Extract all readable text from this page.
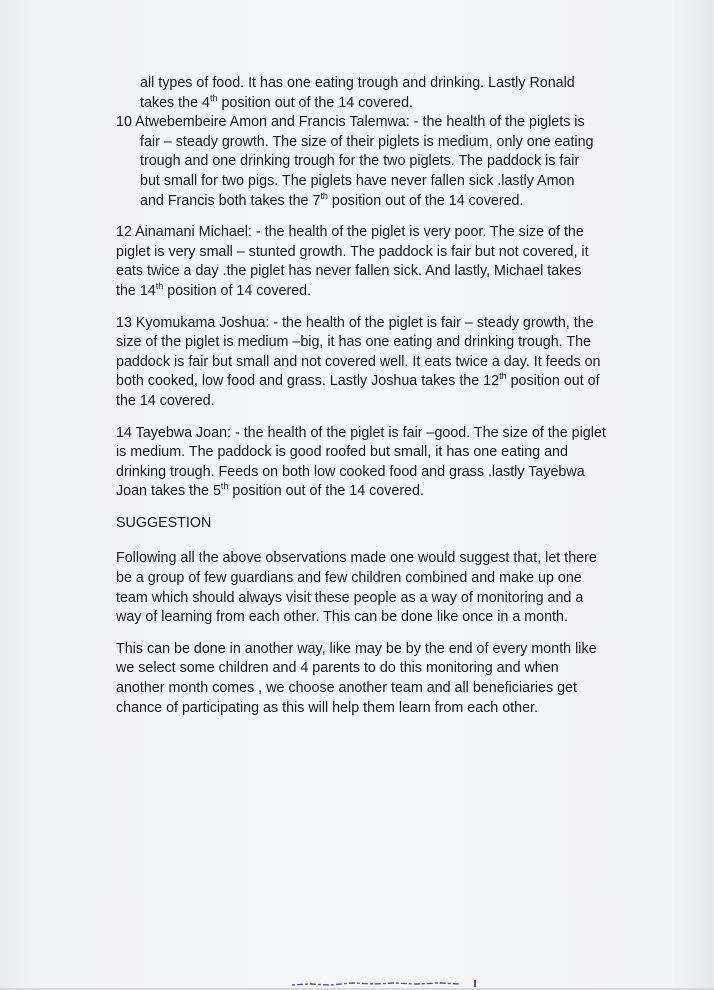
all types of food. It has one eating trough and drinking. Lastly Ronald

takes the 4th position out of the 14 covered.

10 Atwebembeire Amon and Francis Talemwa: - the health of the piglets is

fair – steady growth. The size of their piglets is medium, only one eating

trough and one drinking trough for the two piglets. The paddock is fair

but small for two pigs. The piglets have never fallen sick .lastly Amon

and Francis both takes the 7th position out of the 14 covered.

12 Ainamani Michael: - the health of the piglet is very poor. The size of the

piglet is very small – stunted growth. The paddock is fair but not covered, it

eats twice a day .the piglet has never fallen sick. And lastly, Michael takes

the 14th position of 14 covered.

13 Kyomukama Joshua: - the health of the piglet is fair – steady growth, the

size of the piglet is medium –big, it has one eating and drinking trough. The

paddock is fair but small and not covered well. It eats twice a day. It feeds on

both cooked, low food and grass. Lastly Joshua takes the 12th position out of

the 14 covered.

14 Tayebwa Joan: - the health of the piglet is fair –good. The size of the piglet

is medium. The paddock is good roofed but small, it has one eating and

drinking trough. Feeds on both low cooked food and grass .lastly Tayebwa

Joan takes the 5th position out of the 14 covered.

SUGGESTION

Following all the above observations made one would suggest that, let there

be a group of few guardians and few children combined and make up one

team which should always visit these people as a way of monitoring and a

way of learning from each other. This can be done like once in a month.

This can be done in another way, like may be by the end of every month like

we select some children and 4 parents to do this monitoring and when

another month comes , we choose another team and all beneficiaries get

chance of participating as this will help them learn from each other.
